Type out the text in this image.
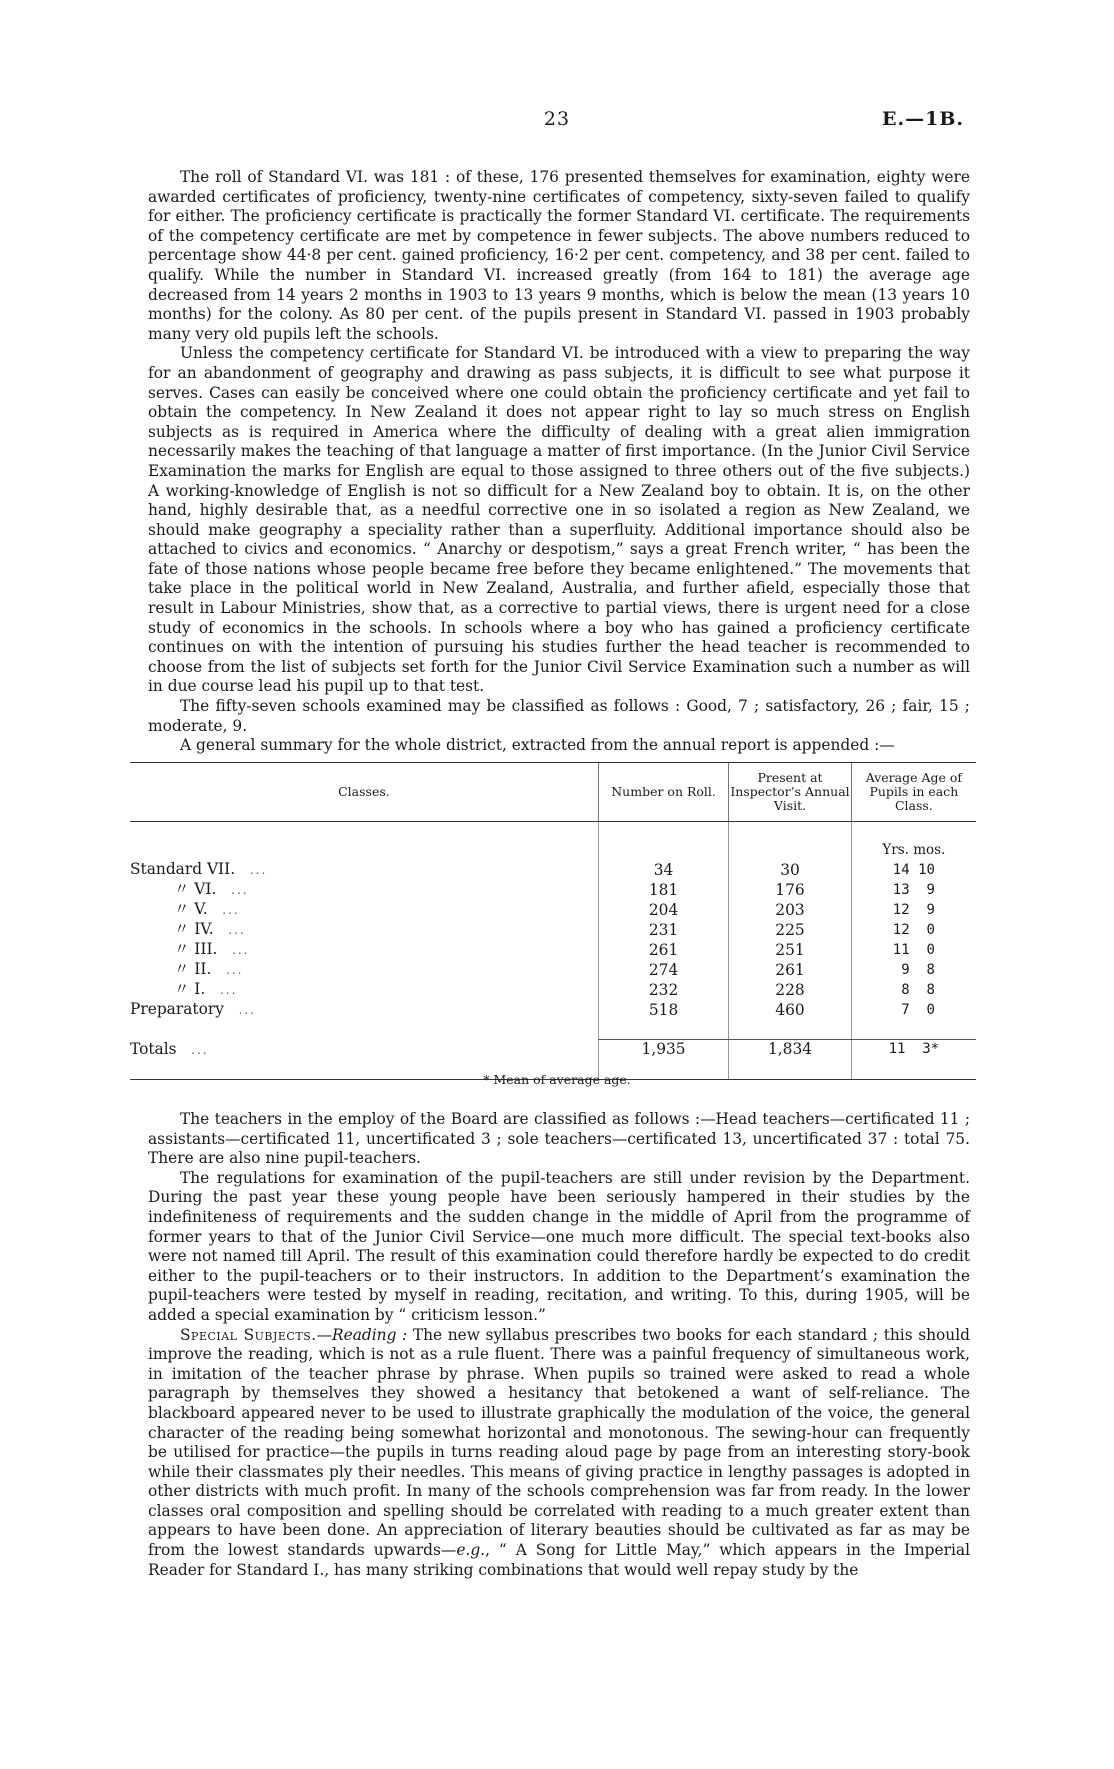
23	E.—1B.

The roll of Standard VI. was 181 : of these, 176 presented themselves for examination, eighty were awarded certificates of proficiency, twenty-nine certificates of competency, sixty-seven failed to qualify for either. The proficiency certificate is practically the former Standard VI. certificate. The requirements of the competency certificate are met by competence in fewer subjects. The above numbers reduced to percentage show 44·8 per cent. gained proficiency, 16·2 per cent. competency, and 38 per cent. failed to qualify. While the number in Standard VI. increased greatly (from 164 to 181) the average age decreased from 14 years 2 months in 1903 to 13 years 9 months, which is below the mean (13 years 10 months) for the colony. As 80 per cent. of the pupils present in Standard VI. passed in 1903 probably many very old pupils left the schools.

Unless the competency certificate for Standard VI. be introduced with a view to preparing the way for an abandonment of geography and drawing as pass subjects, it is difficult to see what purpose it serves. Cases can easily be conceived where one could obtain the proficiency certificate and yet fail to obtain the competency. In New Zealand it does not appear right to lay so much stress on English subjects as is required in America where the difficulty of dealing with a great alien immigration necessarily makes the teaching of that language a matter of first importance. (In the Junior Civil Service Examination the marks for English are equal to those assigned to three others out of the five subjects.) A working-knowledge of English is not so difficult for a New Zealand boy to obtain. It is, on the other hand, highly desirable that, as a needful corrective one in so isolated a region as New Zealand, we should make geography a speciality rather than a superfluity. Additional importance should also be attached to civics and economics. “ Anarchy or despotism,” says a great French writer, “ has been the fate of those nations whose people became free before they became enlightened.” The movements that take place in the political world in New Zealand, Australia, and further afield, especially those that result in Labour Ministries, show that, as a corrective to partial views, there is urgent need for a close study of economics in the schools. In schools where a boy who has gained a proficiency certificate continues on with the intention of pursuing his studies further the head teacher is recommended to choose from the list of subjects set forth for the Junior Civil Service Examination such a number as will in due course lead his pupil up to that test.

The fifty-seven schools examined may be classified as follows : Good, 7 ; satisfactory, 26 ; fair, 15 ; moderate, 9.

A general summary for the whole district, extracted from the annual report is appended :—

Classes.	Number on Roll.	Present at Inspector’s Annual Visit.	Average Age of Pupils in each Class.

			Yrs. mos.
Standard VII. ...	34	30	14 10
〃 VI. ...	181	176	13  9
〃 V. ...	204	203	12  9
〃 IV. ...	231	225	12  0
〃 III. ...	261	251	11  0
〃 II. ...	274	261	9  8
〃 I. ...	232	228	8  8
Preparatory ...	518	460	7  0

Totals ...	1,935	1,834	11  3*

* Mean of average age.

The teachers in the employ of the Board are classified as follows :—Head teachers—certificated 11 ; assistants—certificated 11, uncertificated 3 ; sole teachers—certificated 13, uncertificated 37 : total 75. There are also nine pupil-teachers.

The regulations for examination of the pupil-teachers are still under revision by the Department. During the past year these young people have been seriously hampered in their studies by the indefiniteness of requirements and the sudden change in the middle of April from the programme of former years to that of the Junior Civil Service—one much more difficult. The special text-books also were not named till April. The result of this examination could therefore hardly be expected to do credit either to the pupil-teachers or to their instructors. In addition to the Department’s examination the pupil-teachers were tested by myself in reading, recitation, and writing. To this, during 1905, will be added a special examination by “ criticism lesson.”

Special Subjects.—Reading : The new syllabus prescribes two books for each standard ; this should improve the reading, which is not as a rule fluent. There was a painful frequency of simultaneous work, in imitation of the teacher phrase by phrase. When pupils so trained were asked to read a whole paragraph by themselves they showed a hesitancy that betokened a want of self-reliance. The blackboard appeared never to be used to illustrate graphically the modulation of the voice, the general character of the reading being somewhat horizontal and monotonous. The sewing-hour can frequently be utilised for practice—the pupils in turns reading aloud page by page from an interesting story-book while their classmates ply their needles. This means of giving practice in lengthy passages is adopted in other districts with much profit. In many of the schools comprehension was far from ready. In the lower classes oral composition and spelling should be correlated with reading to a much greater extent than appears to have been done. An appreciation of literary beauties should be cultivated as far as may be from the lowest standards upwards—e.g., “ A Song for Little May,” which appears in the Imperial Reader for Standard I., has many striking combinations that would well repay study by the
